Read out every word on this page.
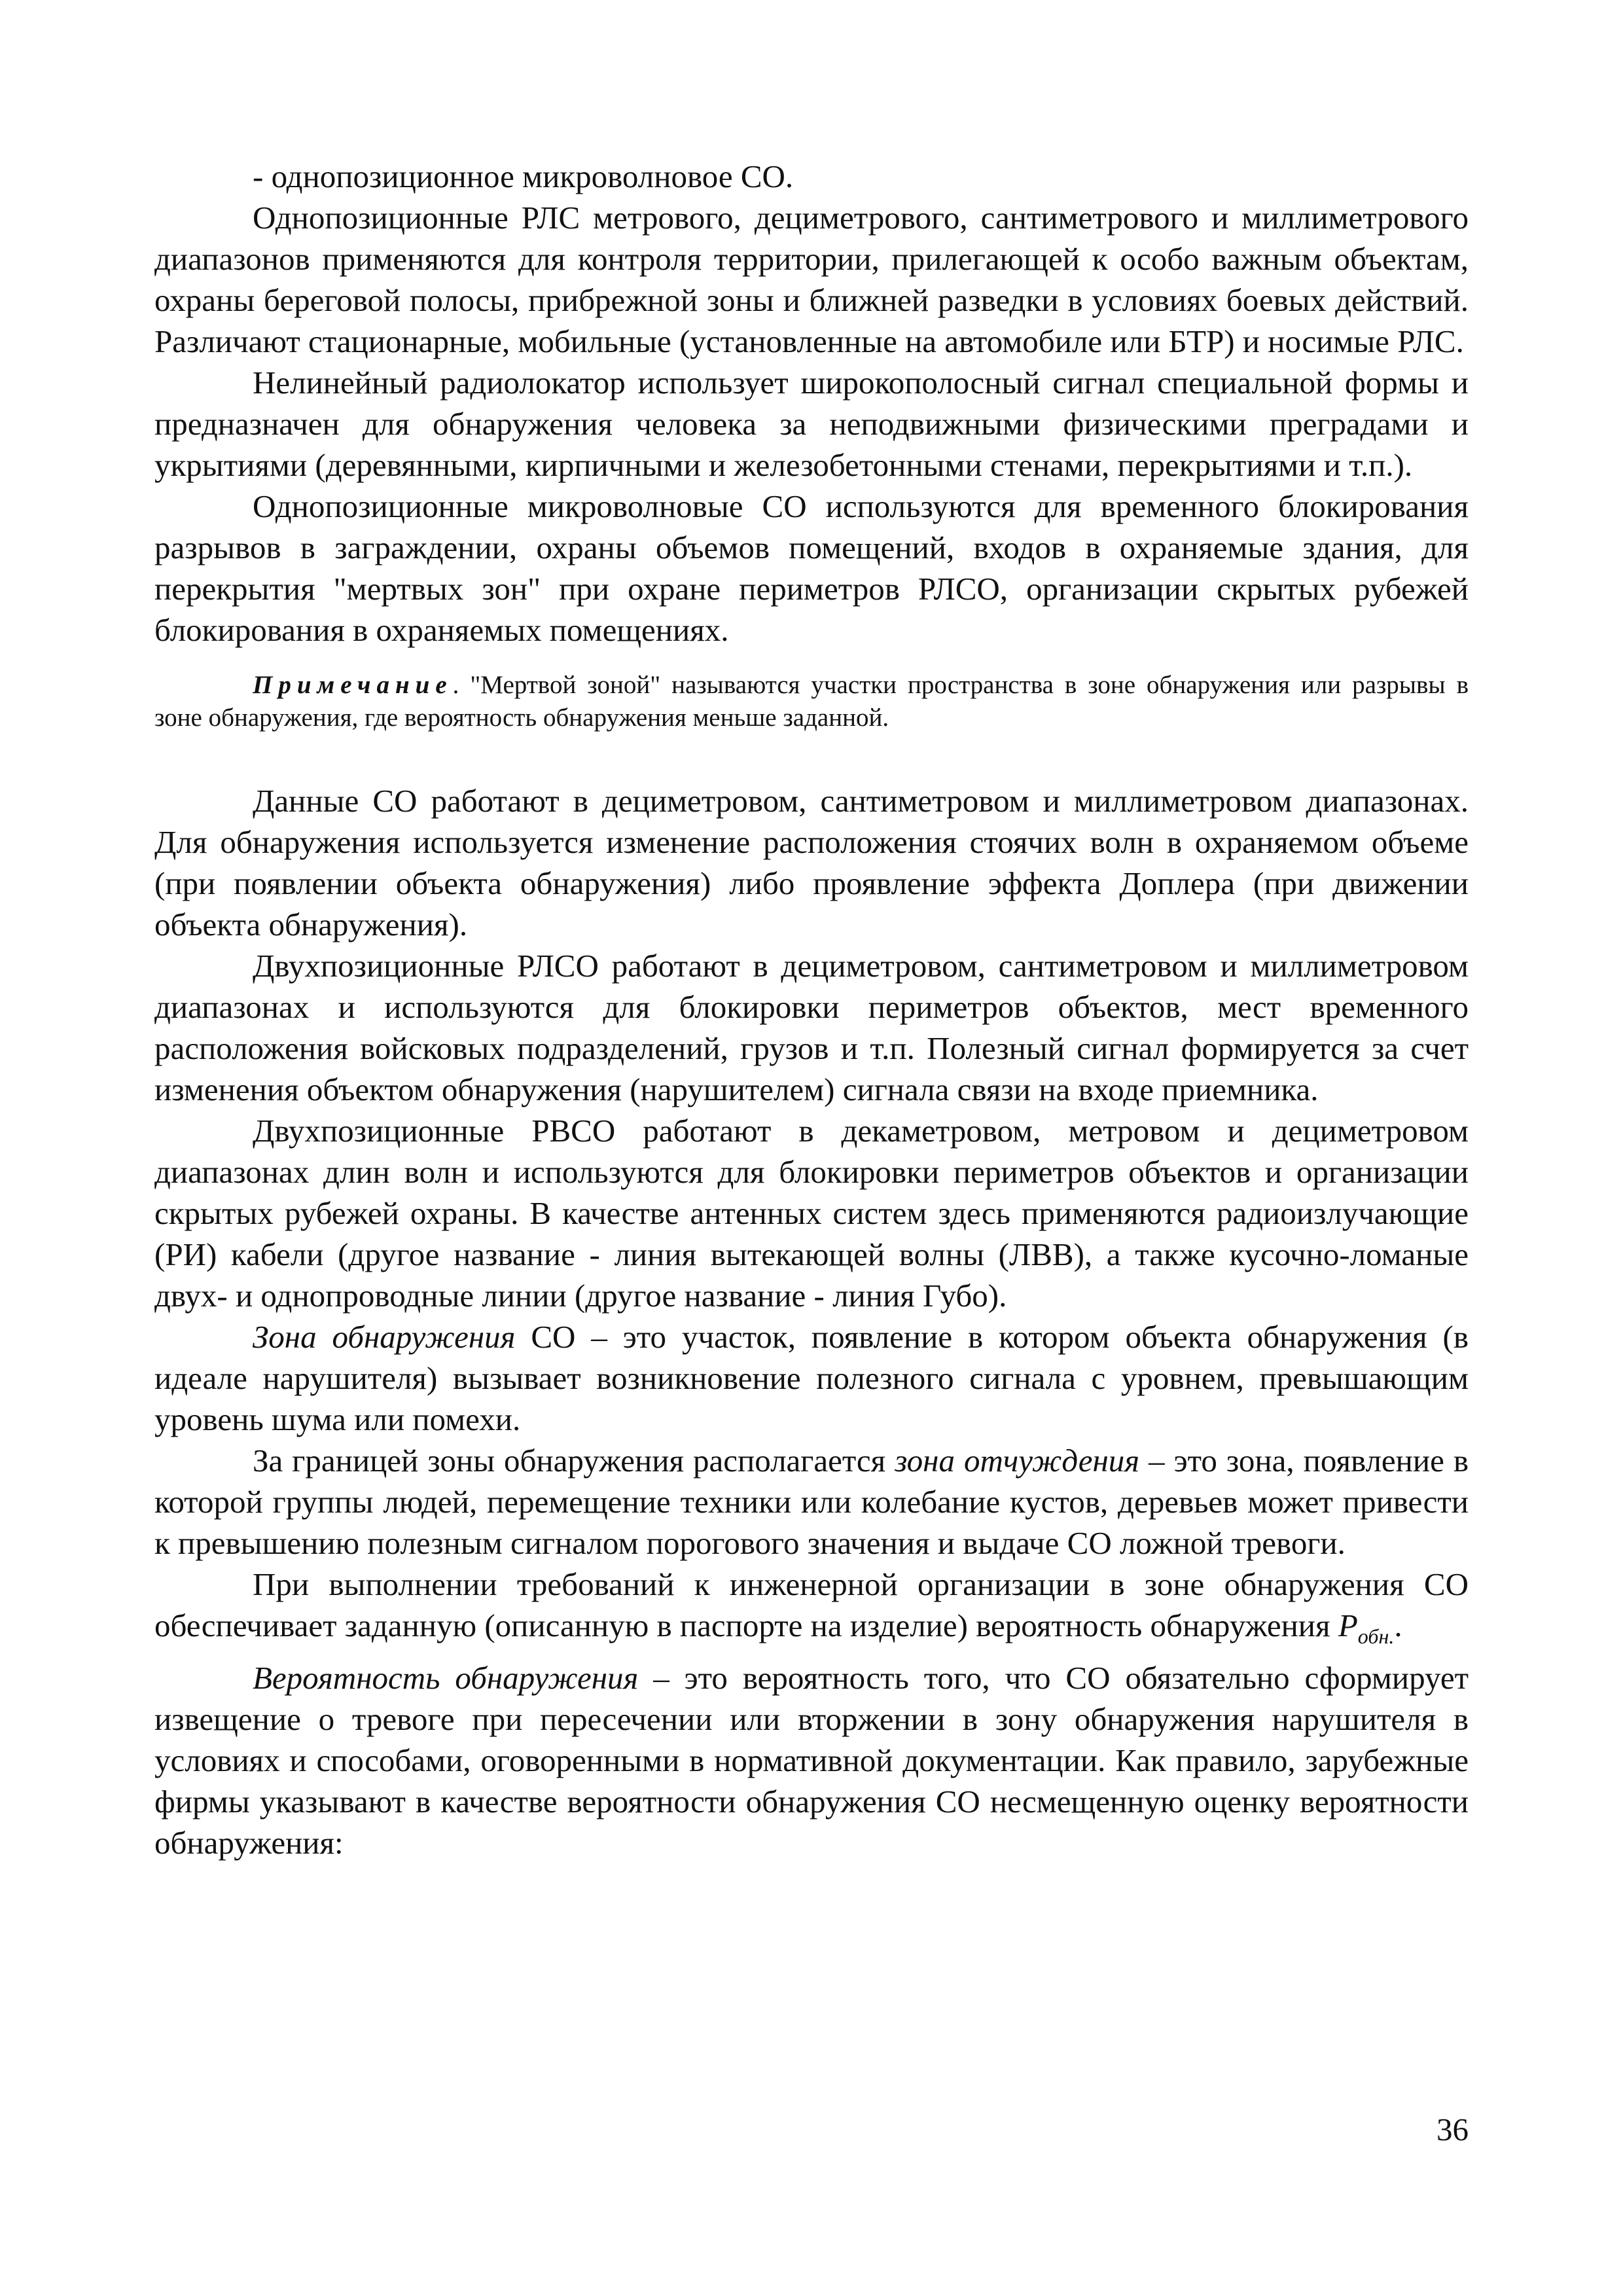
- однопозиционное микроволновое СО.

Однопозиционные РЛС метрового, дециметрового, сантиметрового и миллиметрового диапазонов применяются для контроля территории, прилегающей к особо важным объектам, охраны береговой полосы, прибрежной зоны и ближней разведки в условиях боевых действий. Различают стационарные, мобильные (установленные на автомобиле или БТР) и носимые РЛС.

Нелинейный радиолокатор использует широкополосный сигнал специальной формы и предназначен для обнаружения человека за неподвижными физическими преградами и укрытиями (деревянными, кирпичными и железобетонными стенами, перекрытиями и т.п.).

Однопозиционные микроволновые СО используются для временного блокирования разрывов в заграждении, охраны объемов помещений, входов в охраняемые здания, для перекрытия "мертвых зон" при охране периметров РЛСО, организации скрытых рубежей блокирования в охраняемых помещениях.

Примечание. "Мертвой зоной" называются участки пространства в зоне обнаружения или разрывы в зоне обнаружения, где вероятность обнаружения меньше заданной.

Данные СО работают в дециметровом, сантиметровом и миллиметровом диапазонах. Для обнаружения используется изменение расположения стоячих волн в охраняемом объеме (при появлении объекта обнаружения) либо проявление эффекта Доплера (при движении объекта обнаружения).

Двухпозиционные РЛСО работают в дециметровом, сантиметровом и миллиметровом диапазонах и используются для блокировки периметров объектов, мест временного расположения войсковых подразделений, грузов и т.п. Полезный сигнал формируется за счет изменения объектом обнаружения (нарушителем) сигнала связи на входе приемника.

Двухпозиционные РВСО работают в декаметровом, метровом и дециметровом диапазонах длин волн и используются для блокировки периметров объектов и организации скрытых рубежей охраны. В качестве антенных систем здесь применяются радиоизлучающие (РИ) кабели (другое название - линия вытекающей волны (ЛВВ), а также кусочно-ломаные двух- и однопроводные линии (другое название - линия Губо).

Зона обнаружения СО – это участок, появление в котором объекта обнаружения (в идеале нарушителя) вызывает возникновение полезного сигнала с уровнем, превышающим уровень шума или помехи.

За границей зоны обнаружения располагается зона отчуждения – это зона, появление в которой группы людей, перемещение техники или колебание кустов, деревьев может привести к превышению полезным сигналом порогового значения и выдаче СО ложной тревоги.

При выполнении требований к инженерной организации в зоне обнаружения СО обеспечивает заданную (описанную в паспорте на изделие) вероятность обнаружения $P_{обн.}$.

Вероятность обнаружения – это вероятность того, что СО обязательно сформирует извещение о тревоге при пересечении или вторжении в зону обнаружения нарушителя в условиях и способами, оговоренными в нормативной документации. Как правило, зарубежные фирмы указывают в качестве вероятности обнаружения СО несмещенную оценку вероятности обнаружения:

36
